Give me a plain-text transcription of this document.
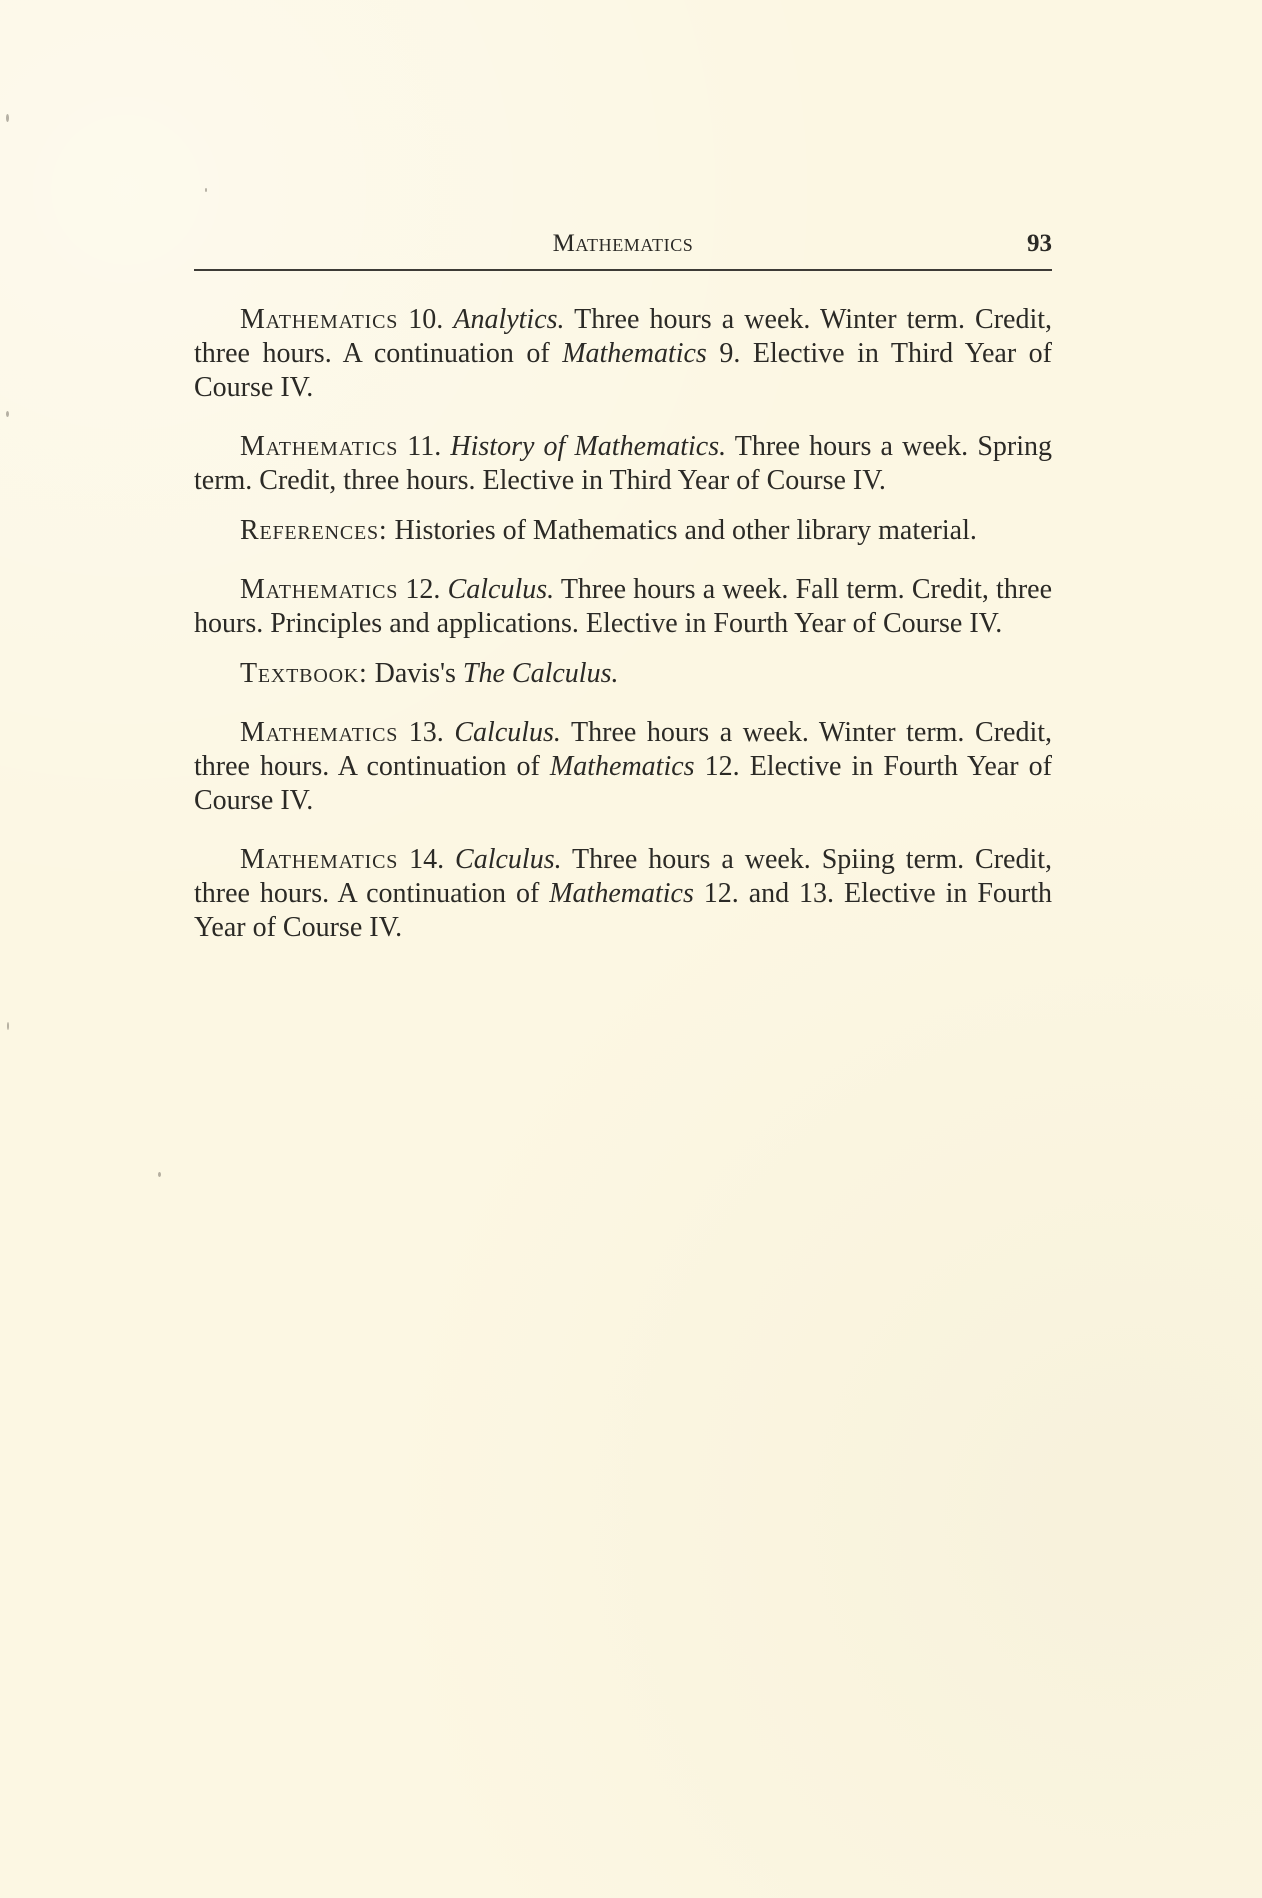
Mathematics	93

Mathematics 10. Analytics. Three hours a week. Winter term. Credit, three hours. A continuation of Mathematics 9. Elective in Third Year of Course IV.

Mathematics 11. History of Mathematics. Three hours a week. Spring term. Credit, three hours. Elective in Third Year of Course IV.

References: Histories of Mathematics and other library material.

Mathematics 12. Calculus. Three hours a week. Fall term. Credit, three hours. Principles and applications. Elective in Fourth Year of Course IV.

Textbook: Davis's The Calculus.

Mathematics 13. Calculus. Three hours a week. Winter term. Credit, three hours. A continuation of Mathematics 12. Elective in Fourth Year of Course IV.

Mathematics 14. Calculus. Three hours a week. Spiing term. Credit, three hours. A continuation of Mathematics 12. and 13. Elective in Fourth Year of Course IV.
